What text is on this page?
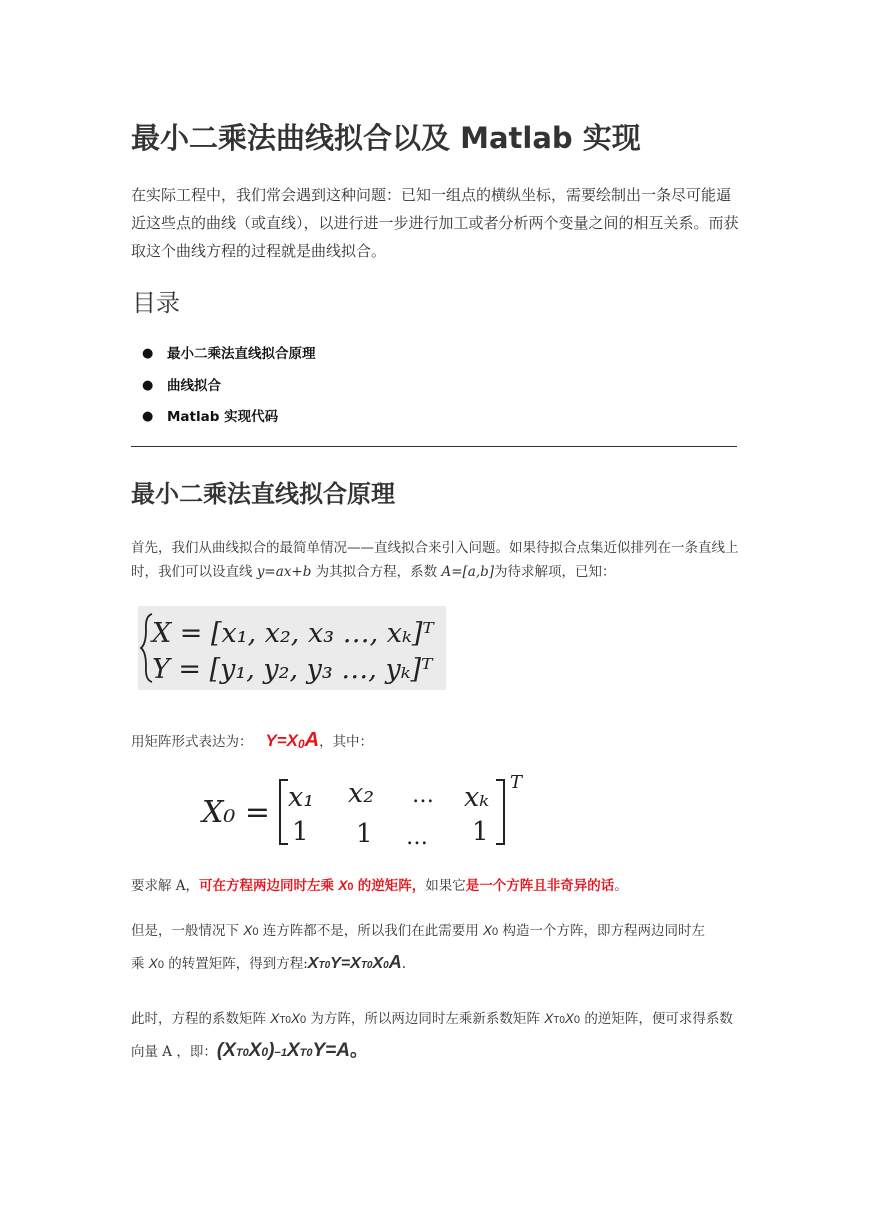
最小二乘法曲线拟合以及 Matlab 实现

在实际工程中，我们常会遇到这种问题：已知一组点的横纵坐标，需要绘制出一条尽可能逼近这些点的曲线（或直线），以进行进一步进行加工或者分析两个变量之间的相互关系。而获取这个曲线方程的过程就是曲线拟合。

目录
● 最小二乘法直线拟合原理
● 曲线拟合
● Matlab 实现代码
最小二乘法直线拟合原理

首先，我们从曲线拟合的最简单情况——直线拟合来引入问题。如果待拟合点集近似排列在一条直线上时，我们可以设直线 y=ax+b 为其拟合方程，系数 A=[a,b]为待求解项，已知：

X = [x₁, x₂, x₃ …, xₖ]ᵀ
Y = [y₁, y₂, y₃ …, yₖ]ᵀ

用矩阵形式表达为： $Y=X_0A$，其中：

X₀ = x₁ x₂ … xₖ
1 1 … 1
T

要求解 A，可在方程两边同时左乘 X0 的逆矩阵，如果它是一个方阵且非奇异的话。

但是，一般情况下 X0 连方阵都不是，所以我们在此需要用 X0 构造一个方阵，即方程两边同时左乘 X0 的转置矩阵，得到方程:XT0Y=XT0X0A.

此时，方程的系数矩阵 XT0X0 为方阵，所以两边同时左乘新系数矩阵 XT0X0 的逆矩阵，便可求得系数向量 A ，即：(XT0X0)−1XT0Y=A。
